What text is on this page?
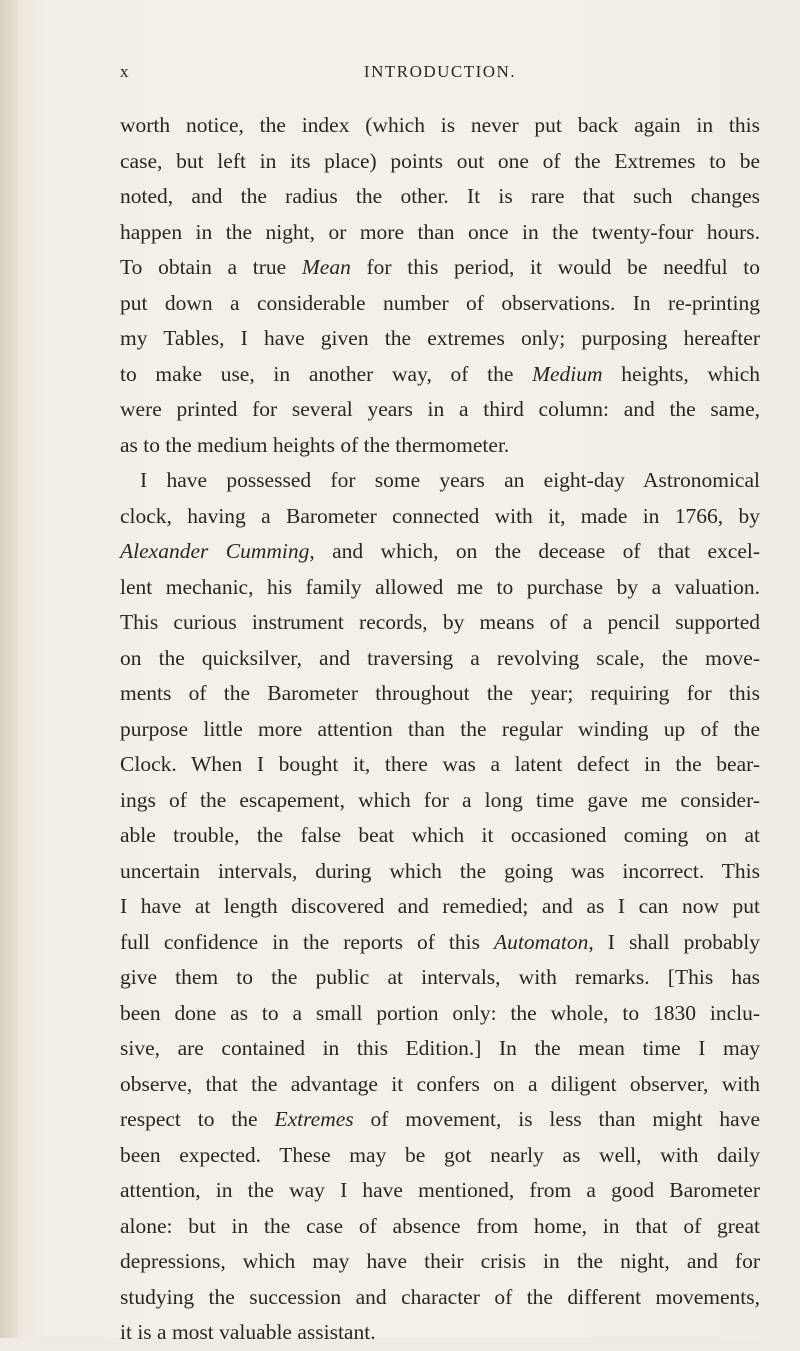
x	INTRODUCTION.
worth notice, the index (which is never put back again in this
case, but left in its place) points out one of the Extremes to be
noted, and the radius the other. It is rare that such changes
happen in the night, or more than once in the twenty-four hours.
To obtain a true Mean for this period, it would be needful to
put down a considerable number of observations. In re-printing
my Tables, I have given the extremes only; purposing hereafter
to make use, in another way, of the Medium heights, which
were printed for several years in a third column: and the same,
as to the medium heights of the thermometer.
I have possessed for some years an eight-day Astronomical
clock, having a Barometer connected with it, made in 1766, by
Alexander Cumming, and which, on the decease of that excel-
lent mechanic, his family allowed me to purchase by a valuation.
This curious instrument records, by means of a pencil supported
on the quicksilver, and traversing a revolving scale, the move-
ments of the Barometer throughout the year; requiring for this
purpose little more attention than the regular winding up of the
Clock. When I bought it, there was a latent defect in the bear-
ings of the escapement, which for a long time gave me consider-
able trouble, the false beat which it occasioned coming on at
uncertain intervals, during which the going was incorrect. This
I have at length discovered and remedied; and as I can now put
full confidence in the reports of this Automaton, I shall probably
give them to the public at intervals, with remarks. [This has
been done as to a small portion only: the whole, to 1830 inclu-
sive, are contained in this Edition.] In the mean time I may
observe, that the advantage it confers on a diligent observer, with
respect to the Extremes of movement, is less than might have
been expected. These may be got nearly as well, with daily
attention, in the way I have mentioned, from a good Barometer
alone: but in the case of absence from home, in that of great
depressions, which may have their crisis in the night, and for
studying the succession and character of the different movements,
it is a most valuable assistant.
